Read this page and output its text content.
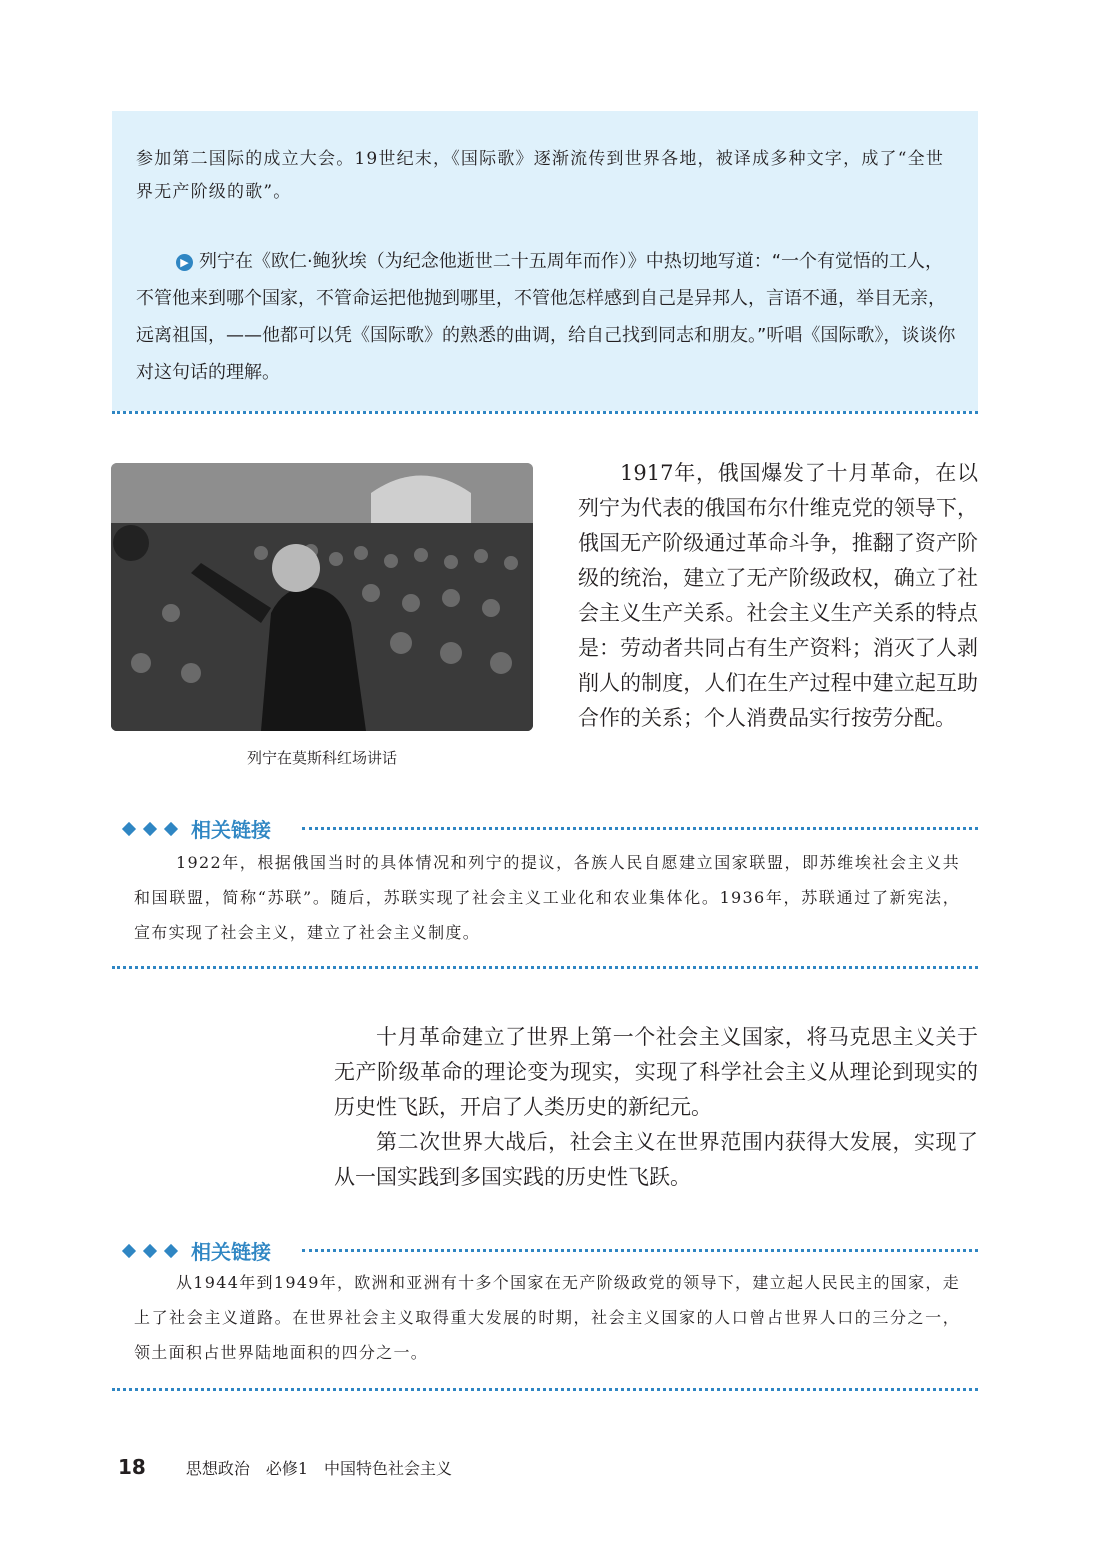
参加第二国际的成立大会。19世纪末，《国际歌》逐渐流传到世界各地，被译成多种文字，成了“全世界无产阶级的歌”。

▶ 列宁在《欧仁·鲍狄埃（为纪念他逝世二十五周年而作）》中热切地写道：“一个有觉悟的工人，不管他来到哪个国家，不管命运把他抛到哪里，不管他怎样感到自己是异邦人，言语不通，举目无亲，远离祖国，——他都可以凭《国际歌》的熟悉的曲调，给自己找到同志和朋友。”听唱《国际歌》，谈谈你对这句话的理解。

列宁在莫斯科红场讲话

1917年，俄国爆发了十月革命，在以列宁为代表的俄国布尔什维克党的领导下，俄国无产阶级通过革命斗争，推翻了资产阶级的统治，建立了无产阶级政权，确立了社会主义生产关系。社会主义生产关系的特点是：劳动者共同占有生产资料；消灭了人剥削人的制度，人们在生产过程中建立起互助合作的关系；个人消费品实行按劳分配。

相关链接

1922年，根据俄国当时的具体情况和列宁的提议，各族人民自愿建立国家联盟，即苏维埃社会主义共和国联盟，简称“苏联”。随后，苏联实现了社会主义工业化和农业集体化。1936年，苏联通过了新宪法，宣布实现了社会主义，建立了社会主义制度。

十月革命建立了世界上第一个社会主义国家，将马克思主义关于无产阶级革命的理论变为现实，实现了科学社会主义从理论到现实的历史性飞跃，开启了人类历史的新纪元。

第二次世界大战后，社会主义在世界范围内获得大发展，实现了从一国实践到多国实践的历史性飞跃。

相关链接

从1944年到1949年，欧洲和亚洲有十多个国家在无产阶级政党的领导下，建立起人民民主的国家，走上了社会主义道路。在世界社会主义取得重大发展的时期，社会主义国家的人口曾占世界人口的三分之一，领土面积占世界陆地面积的四分之一。

18	思想政治　必修1　中国特色社会主义
